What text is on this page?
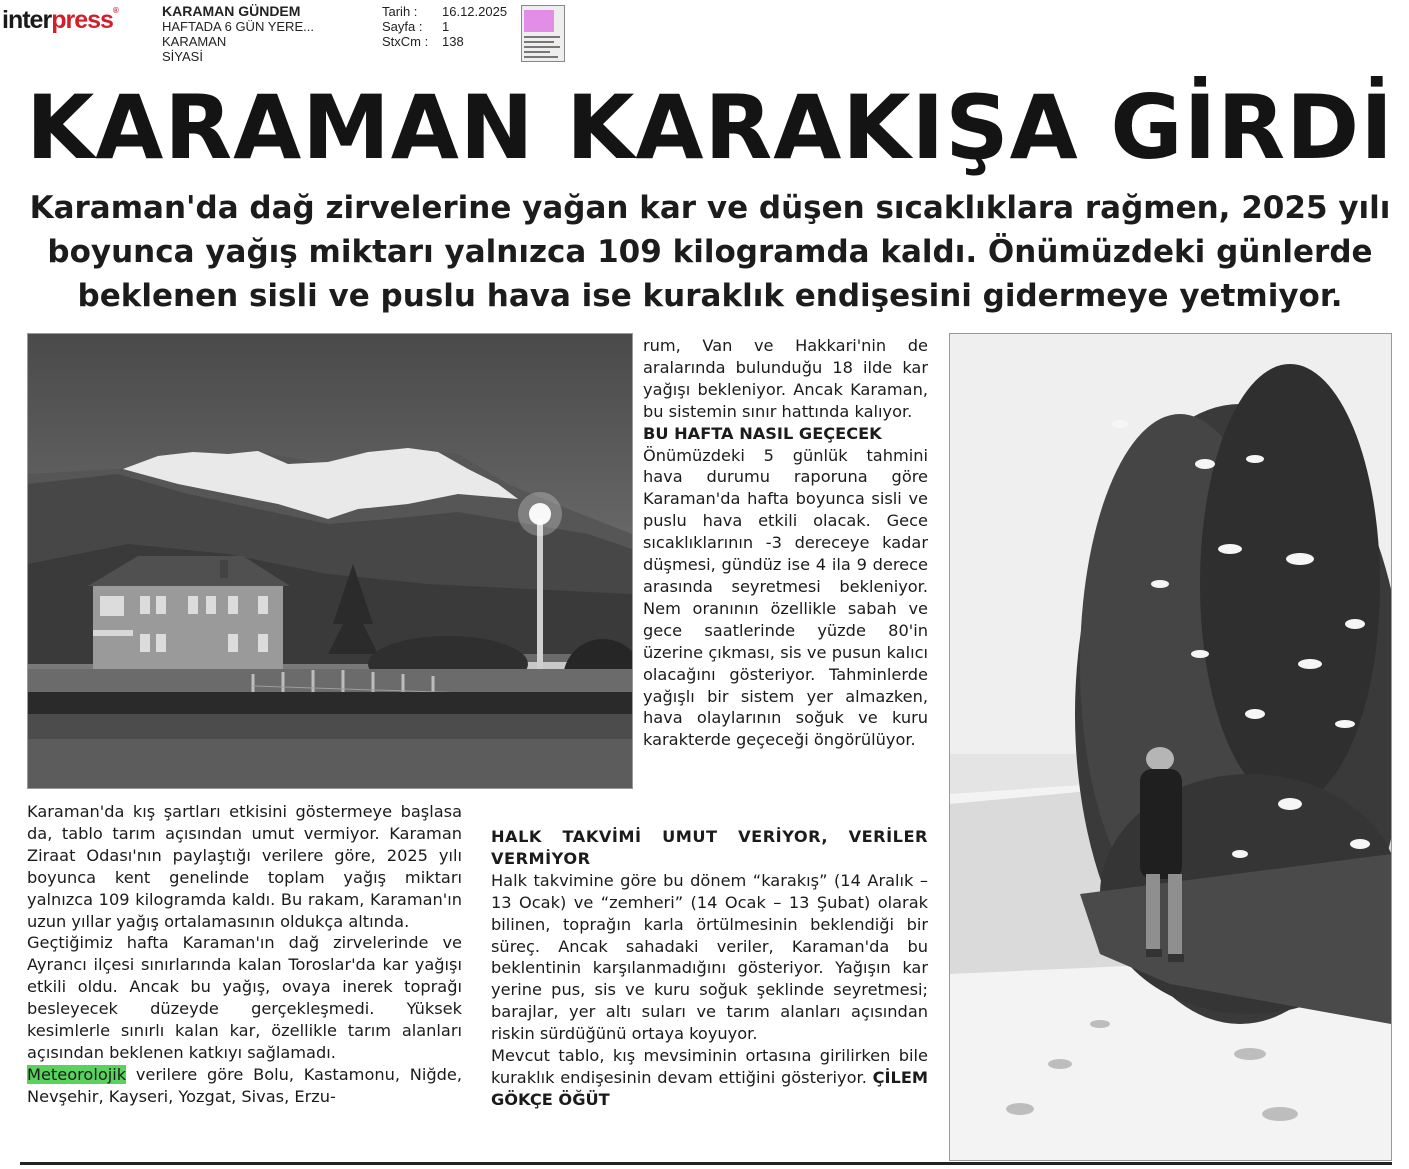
interpress®	KARAMAN GÜNDEM
HAFTADA 6 GÜN YERE...
KARAMAN
SİYASİ
Tarih :	16.12.2025
Sayfa :	1
StxCm :	138
KARAMAN KARAKIŞA GİRDİ
Karaman'da dağ zirvelerine yağan kar ve düşen sıcaklıklara rağmen, 2025 yılı boyunca yağış miktarı yalnızca 109 kilogramda kaldı. Önümüzdeki günlerde beklenen sisli ve puslu hava ise kuraklık endişesini gidermeye yetmiyor.

Karaman'da kış şartları etkisini göstermeye başlasa da, tablo tarım açısından umut vermiyor. Karaman Ziraat Odası'nın paylaştığı verilere göre, 2025 yılı boyunca kent genelinde toplam yağış miktarı yalnızca 109 kilogramda kaldı. Bu rakam, Karaman'ın uzun yıllar yağış ortalamasının oldukça altında.

Geçtiğimiz hafta Karaman'ın dağ zirvelerinde ve Ayrancı ilçesi sınırlarında kalan Toroslar'da kar yağışı etkili oldu. Ancak bu yağış, ovaya inerek toprağı besleyecek düzeyde gerçekleşmedi. Yüksek kesimlerle sınırlı kalan kar, özellikle tarım alanları açısından beklenen katkıyı sağlamadı.

Meteorolojik verilere göre Bolu, Kastamonu, Niğde, Nevşehir, Kayseri, Yozgat, Sivas, Erzu-

rum, Van ve Hakkari'nin de aralarında bulunduğu 18 ilde kar yağışı bekleniyor. Ancak Karaman, bu sistemin sınır hattında kalıyor.

BU HAFTA NASIL GEÇECEK

Önümüzdeki 5 günlük tahmini hava durumu raporuna göre Karaman'da hafta boyunca sisli ve puslu hava etkili olacak. Gece sıcaklıklarının -3 dereceye kadar düşmesi, gündüz ise 4 ila 9 derece arasında seyretmesi bekleniyor. Nem oranının özellikle sabah ve gece saatlerinde yüzde 80'in üzerine çıkması, sis ve pusun kalıcı olacağını gösteriyor. Tahminlerde yağışlı bir sistem yer almazken, hava olaylarının soğuk ve kuru karakterde geçeceği öngörülüyor.

HALK TAKVİMİ UMUT VERİYOR, VERİLER VERMİYOR

Halk takvimine göre bu dönem “karakış” (14 Aralık – 13 Ocak) ve “zemheri” (14 Ocak – 13 Şubat) olarak bilinen, toprağın karla örtülmesinin beklendiği bir süreç. Ancak sahadaki veriler, Karaman'da bu beklentinin karşılanmadığını gösteriyor. Yağışın kar yerine pus, sis ve kuru soğuk şeklinde seyretmesi; barajlar, yer altı suları ve tarım alanları açısından riskin sürdüğünü ortaya koyuyor.

Mevcut tablo, kış mevsiminin ortasına girilirken bile kuraklık endişesinin devam ettiğini gösteriyor. ÇİLEM GÖKÇE ÖĞÜT
